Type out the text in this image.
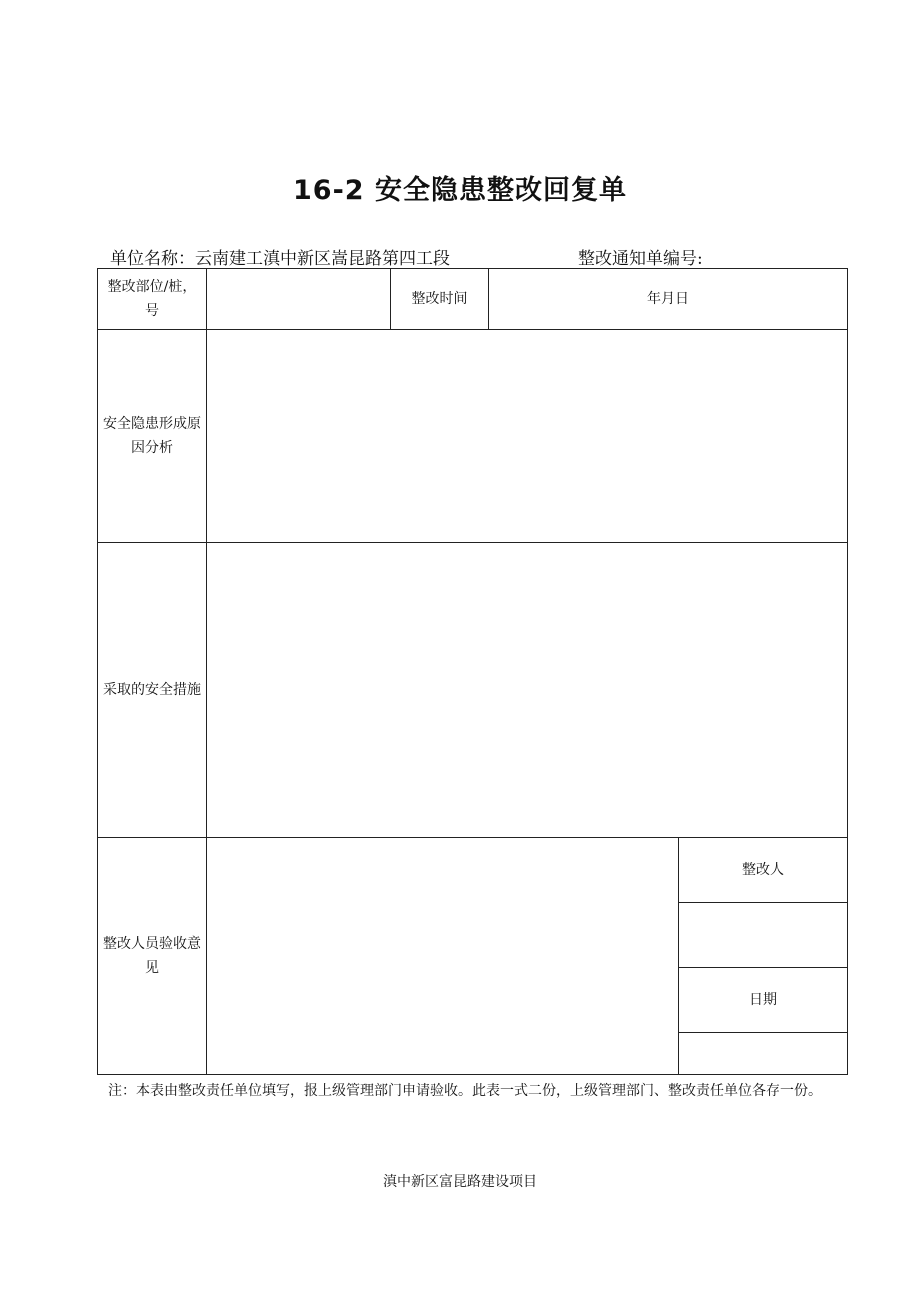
16-2 安全隐患整改回复单
单位名称：云南建工滇中新区嵩昆路第四工段	整改通知单编号:
整改部位/桩，号		整改时间	年月日	
安全隐患形成原因分析				
采取的安全措施				
整改人员验收意见				整改人

				日期

注：本表由整改责任单位填写，报上级管理部门申请验收。此表一式二份，上级管理部门、整改责任单位各存一份。
滇中新区富昆路建设项目
